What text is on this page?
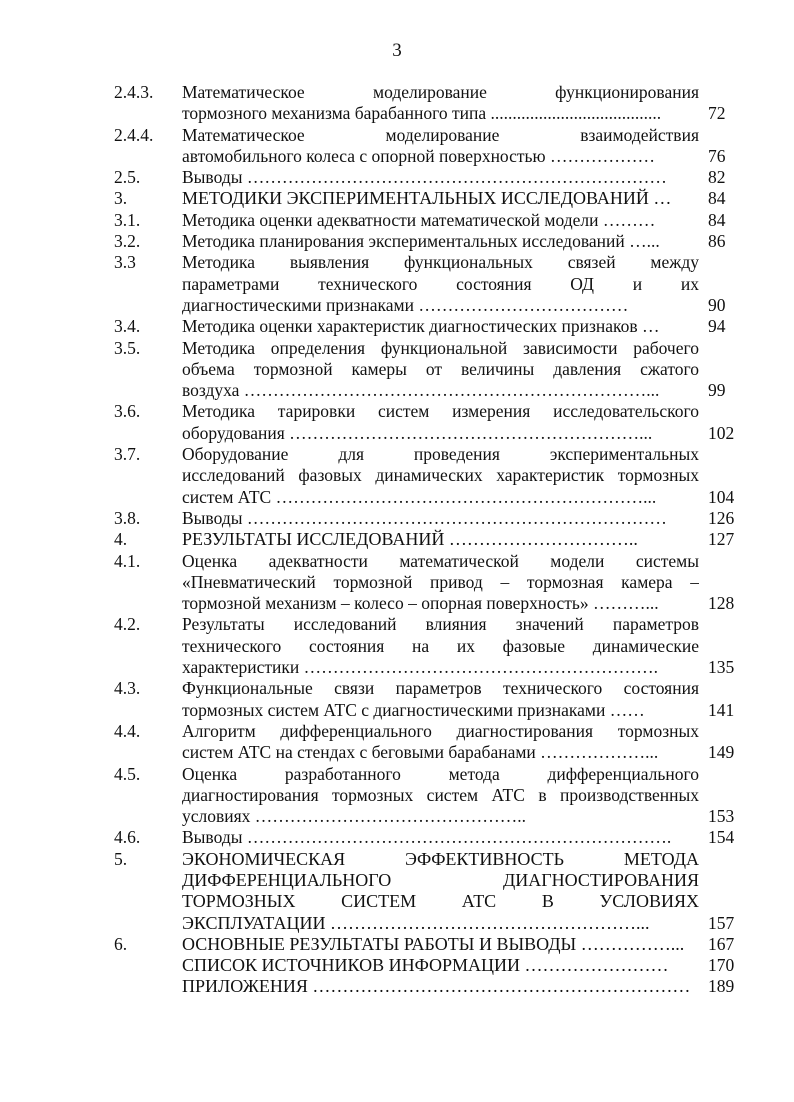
3
2.4.3. Математическое моделирование функционирования
тормозного механизма барабанного типа .......................................	72
2.4.4. Математическое моделирование взаимодействия
автомобильного колеса с опорной поверхностью ………………	76
2.5. Выводы ………………………………………………………………	82
3.	МЕТОДИКИ ЭКСПЕРИМЕНТАЛЬНЫХ ИССЛЕДОВАНИЙ …	84
3.1. Методика оценки адекватности математической модели ………	84
3.2. Методика планирования экспериментальных исследований …...	86
3.3	Методика выявления функциональных связей между
параметрами технического состояния ОД и их
диагностическими признаками ………………………………	90
3.4. Методика оценки характеристик диагностических признаков …	94
3.5. Методика определения функциональной зависимости рабочего
объема тормозной камеры от величины давления сжатого
воздуха ……………………………………………………………...	99
3.6. Методика тарировки систем измерения исследовательского
оборудования ……………………………………………………...	102
3.7. Оборудование для проведения экспериментальных
исследований фазовых динамических характеристик тормозных
систем АТС ………………………………………………………...	104
3.8. Выводы ………………………………………………………………	126
4.	РЕЗУЛЬТАТЫ ИССЛЕДОВАНИЙ …………………………..	127
4.1. Оценка адекватности математической модели системы
«Пневматический тормозной привод – тормозная камера –
тормозной механизм – колесо – опорная поверхность» ………...	128
4.2. Результаты исследований влияния значений параметров
технического состояния на их фазовые динамические
характеристики …………………………………………………….	135
4.3. Функциональные связи параметров технического состояния
тормозных систем АТС с диагностическими признаками ……	141
4.4. Алгоритм дифференциального диагностирования тормозных
систем АТС на стендах с беговыми барабанами ………………...	149
4.5. Оценка разработанного метода дифференциального
диагностирования тормозных систем АТС в производственных
условиях ………………………………………..	153
4.6. Выводы ……………………………………………………………….	154
5.	ЭКОНОМИЧЕСКАЯ ЭФФЕКТИВНОСТЬ МЕТОДА
ДИФФЕРЕНЦИАЛЬНОГО ДИАГНОСТИРОВАНИЯ
ТОРМОЗНЫХ СИСТЕМ АТС В УСЛОВИЯХ
ЭКСПЛУАТАЦИИ ……………………………………………...	157
6.	ОСНОВНЫЕ РЕЗУЛЬТАТЫ РАБОТЫ И ВЫВОДЫ ……………...	167
СПИСОК ИСТОЧНИКОВ ИНФОРМАЦИИ ……………………	170
ПРИЛОЖЕНИЯ ………………………………………………………	189
